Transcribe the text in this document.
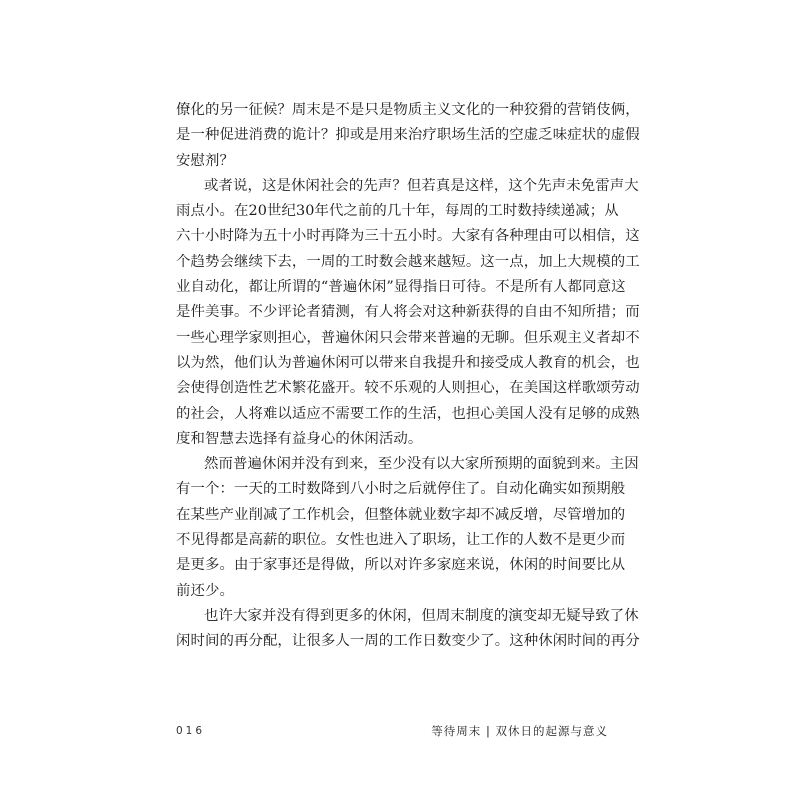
僚化的另一征候？周末是不是只是物质主义文化的一种狡猾的营销伎俩，
是一种促进消费的诡计？抑或是用来治疗职场生活的空虚乏味症状的虚假
安慰剂？
或者说，这是休闲社会的先声？但若真是这样，这个先声未免雷声大
雨点小。在20世纪30年代之前的几十年，每周的工时数持续递减；从
六十小时降为五十小时再降为三十五小时。大家有各种理由可以相信，这
个趋势会继续下去，一周的工时数会越来越短。这一点，加上大规模的工
业自动化，都让所谓的“普遍休闲”显得指日可待。不是所有人都同意这
是件美事。不少评论者猜测，有人将会对这种新获得的自由不知所措；而
一些心理学家则担心，普遍休闲只会带来普遍的无聊。但乐观主义者却不
以为然，他们认为普遍休闲可以带来自我提升和接受成人教育的机会，也
会使得创造性艺术繁花盛开。较不乐观的人则担心，在美国这样歌颂劳动
的社会，人将难以适应不需要工作的生活，也担心美国人没有足够的成熟
度和智慧去选择有益身心的休闲活动。
然而普遍休闲并没有到来，至少没有以大家所预期的面貌到来。主因
有一个：一天的工时数降到八小时之后就停住了。自动化确实如预期般
在某些产业削减了工作机会，但整体就业数字却不减反增，尽管增加的
不见得都是高薪的职位。女性也进入了职场，让工作的人数不是更少而
是更多。由于家事还是得做，所以对许多家庭来说，休闲的时间要比从
前还少。
也许大家并没有得到更多的休闲，但周末制度的演变却无疑导致了休
闲时间的再分配，让很多人一周的工作日数变少了。这种休闲时间的再分
016	等待周末 | 双休日的起源与意义
